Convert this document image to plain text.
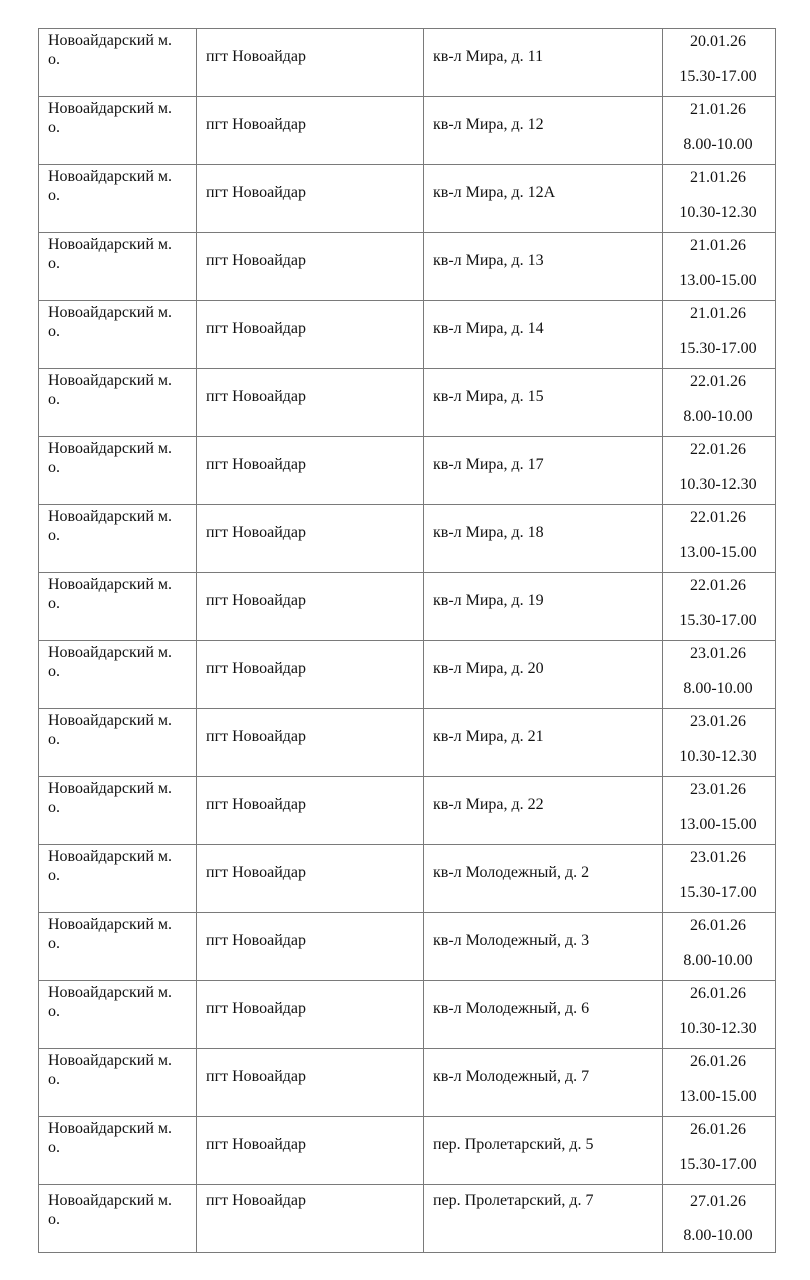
Новоайдарский м. о.	пгт Новоайдар	кв-л Мира, д. 11	20.01.26
15.30-17.00

Новоайдарский м. о.	пгт Новоайдар	кв-л Мира, д. 12	21.01.26
8.00-10.00

Новоайдарский м. о.	пгт Новоайдар	кв-л Мира, д. 12А	21.01.26
10.30-12.30

Новоайдарский м. о.	пгт Новоайдар	кв-л Мира, д. 13	21.01.26
13.00-15.00

Новоайдарский м. о.	пгт Новоайдар	кв-л Мира, д. 14	21.01.26
15.30-17.00

Новоайдарский м. о.	пгт Новоайдар	кв-л Мира, д. 15	22.01.26
8.00-10.00

Новоайдарский м. о.	пгт Новоайдар	кв-л Мира, д. 17	22.01.26
10.30-12.30

Новоайдарский м. о.	пгт Новоайдар	кв-л Мира, д. 18	22.01.26
13.00-15.00

Новоайдарский м. о.	пгт Новоайдар	кв-л Мира, д. 19	22.01.26
15.30-17.00

Новоайдарский м. о.	пгт Новоайдар	кв-л Мира, д. 20	23.01.26
8.00-10.00

Новоайдарский м. о.	пгт Новоайдар	кв-л Мира, д. 21	23.01.26
10.30-12.30

Новоайдарский м. о.	пгт Новоайдар	кв-л Мира, д. 22	23.01.26
13.00-15.00

Новоайдарский м. о.	пгт Новоайдар	кв-л Молодежный, д. 2	23.01.26
15.30-17.00

Новоайдарский м. о.	пгт Новоайдар	кв-л Молодежный, д. 3	26.01.26
8.00-10.00

Новоайдарский м. о.	пгт Новоайдар	кв-л Молодежный, д. 6	26.01.26
10.30-12.30

Новоайдарский м. о.	пгт Новоайдар	кв-л Молодежный, д. 7	26.01.26
13.00-15.00

Новоайдарский м. о.	пгт Новоайдар	пер. Пролетарский, д. 5	26.01.26
15.30-17.00

Новоайдарский м. о.	пгт Новоайдар	пер. Пролетарский, д. 7	27.01.26
8.00-10.00
